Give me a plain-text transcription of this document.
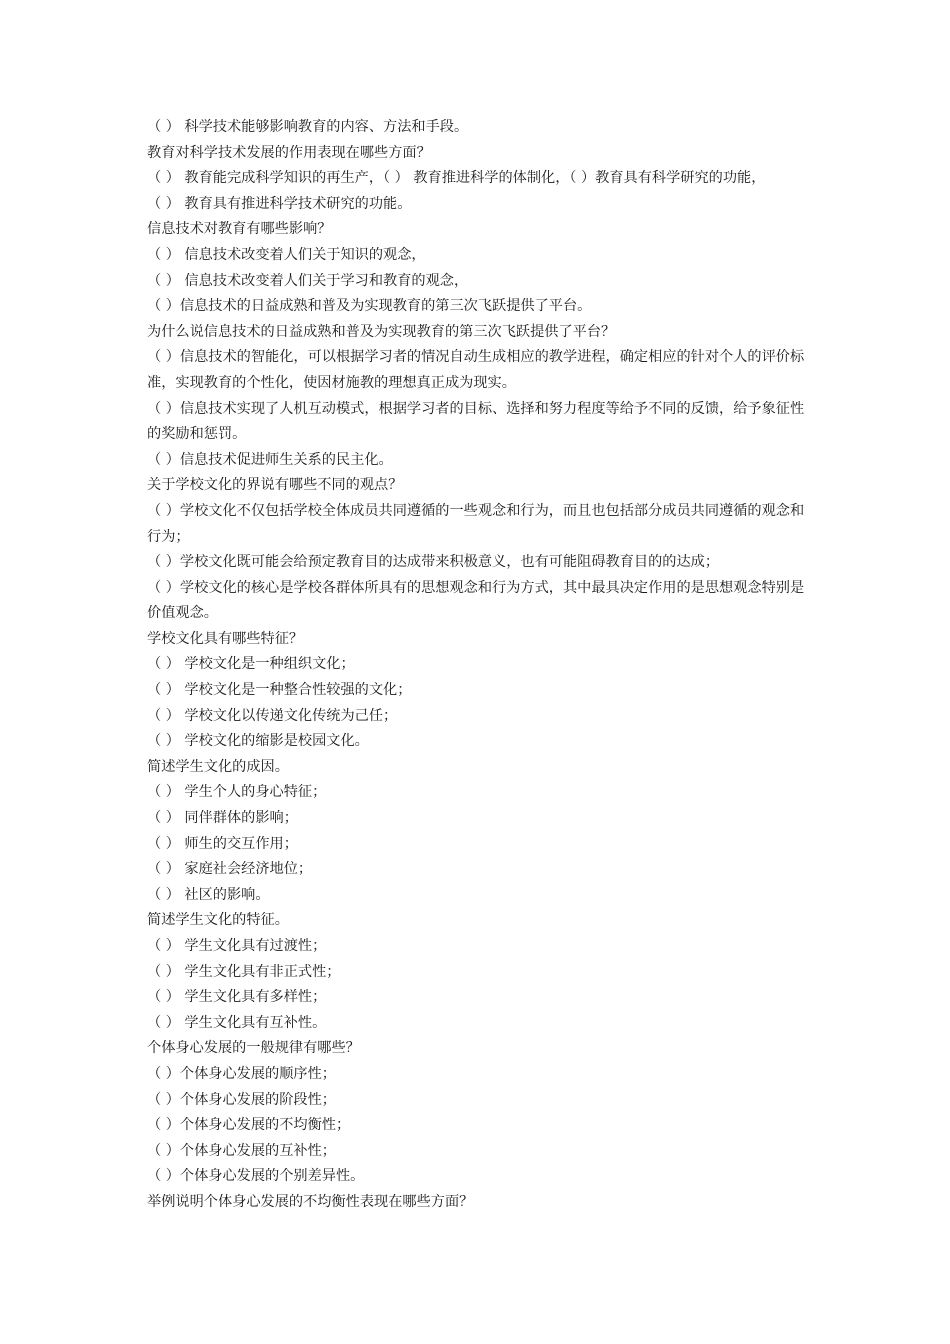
（ ） 科学技术能够影响教育的内容、方法和手段。
教育对科学技术发展的作用表现在哪些方面？
（ ） 教育能完成科学知识的再生产，（ ） 教育推进科学的体制化，（ ）教育具有科学研究的功能，
（ ） 教育具有推进科学技术研究的功能。
信息技术对教育有哪些影响？
（ ） 信息技术改变着人们关于知识的观念，
（ ） 信息技术改变着人们关于学习和教育的观念，
（ ）信息技术的日益成熟和普及为实现教育的第三次飞跃提供了平台。
为什么说信息技术的日益成熟和普及为实现教育的第三次飞跃提供了平台？
（ ）信息技术的智能化，可以根据学习者的情况自动生成相应的教学进程，确定相应的针对个人的评价标准，实现教育的个性化，使因材施教的理想真正成为现实。
（ ）信息技术实现了人机互动模式，根据学习者的目标、选择和努力程度等给予不同的反馈，给予象征性的奖励和惩罚。
（ ）信息技术促进师生关系的民主化。
关于学校文化的界说有哪些不同的观点？
（ ）学校文化不仅包括学校全体成员共同遵循的一些观念和行为，而且也包括部分成员共同遵循的观念和行为；
（ ）学校文化既可能会给预定教育目的达成带来积极意义，也有可能阻碍教育目的的达成；
（ ）学校文化的核心是学校各群体所具有的思想观念和行为方式，其中最具决定作用的是思想观念特别是价值观念。
学校文化具有哪些特征？
（ ） 学校文化是一种组织文化；
（ ） 学校文化是一种整合性较强的文化；
（ ） 学校文化以传递文化传统为己任；
（ ） 学校文化的缩影是校园文化。
简述学生文化的成因。
（ ） 学生个人的身心特征；
（ ） 同伴群体的影响；
（ ） 师生的交互作用；
（ ） 家庭社会经济地位；
（ ） 社区的影响。
简述学生文化的特征。
（ ） 学生文化具有过渡性；
（ ） 学生文化具有非正式性；
（ ） 学生文化具有多样性；
（ ） 学生文化具有互补性。
个体身心发展的一般规律有哪些？
（ ）个体身心发展的顺序性；
（ ）个体身心发展的阶段性；
（ ）个体身心发展的不均衡性；
（ ）个体身心发展的互补性；
（ ）个体身心发展的个别差异性。
举例说明个体身心发展的不均衡性表现在哪些方面？
